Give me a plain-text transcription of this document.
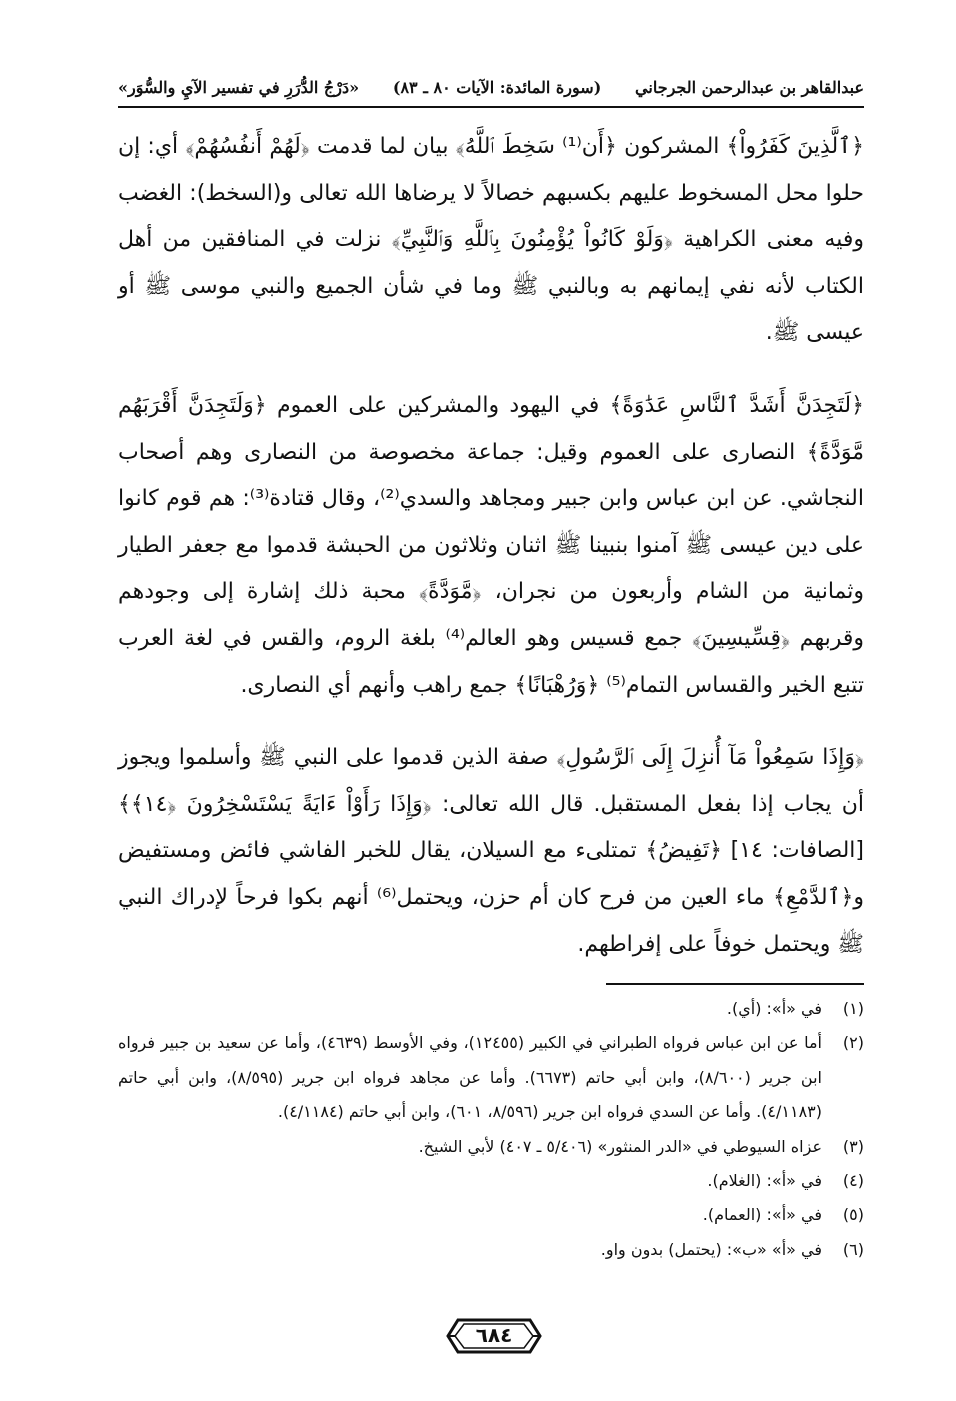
عبدالقاهر بن عبدالرحمن الجرجاني
(سورة المائدة: الآيات ٨٠ ـ ٨٣)
«دَرْجُ الدُّرَرِ في تفسير الآيِ والسُّوَر»

﴿ٱلَّذِينَ كَفَرُواْ﴾ المشركون ﴿أَن⁽¹⁾ سَخِطَ ٱللَّهُ﴾ بيان لما قدمت ﴿لَهُمْ أَنفُسُهُمْ﴾ أي: إن حلوا محل المسخوط عليهم بكسبهم خصالاً لا يرضاها الله تعالى و(السخط): الغضب وفيه معنى الكراهية ﴿وَلَوْ كَانُواْ يُؤْمِنُونَ بِٱللَّهِ وَٱلنَّبِيِّ﴾ نزلت في المنافقين من أهل الكتاب لأنه نفي إيمانهم به وبالنبي ﷺ وما في شأن الجميع والنبي موسى ﷺ أو عيسى ﷺ.

﴿لَتَجِدَنَّ أَشَدَّ ٱلنَّاسِ عَدَٰوَةً﴾ في اليهود والمشركين على العموم ﴿وَلَتَجِدَنَّ أَقْرَبَهُم مَّوَدَّةً﴾ النصارى على العموم وقيل: جماعة مخصوصة من النصارى وهم أصحاب النجاشي. عن ابن عباس وابن جبير ومجاهد والسدي⁽²⁾، وقال قتادة⁽³⁾: هم قوم كانوا على دين عيسى ﷺ آمنوا بنبينا ﷺ اثنان وثلاثون من الحبشة قدموا مع جعفر الطيار وثمانية من الشام وأربعون من نجران، ﴿مَّوَدَّةً﴾ محبة ذلك إشارة إلى وجودهم وقربهم ﴿قِسِّيسِينَ﴾ جمع قسيس وهو العالم⁽⁴⁾ بلغة الروم، والقس في لغة العرب تتبع الخير والقساس التمام⁽⁵⁾ ﴿وَرُهْبَانًا﴾ جمع راهب وأنهم أي النصارى.

﴿وَإِذَا سَمِعُواْ مَآ أُنزِلَ إِلَى ٱلرَّسُولِ﴾ صفة الذين قدموا على النبي ﷺ وأسلموا ويجوز أن يجاب إذا بفعل المستقبل. قال الله تعالى: ﴿وَإِذَا رَأَوْاْ ءَايَةً يَسْتَسْخِرُونَ ﴿١٤﴾﴾ [الصافات: ١٤] ﴿تَفِيضُ﴾ تمتلىء مع السيلان، يقال للخبر الفاشي فائض ومستفيض و﴿ٱلدَّمْعِ﴾ ماء العين من فرح كان أم حزن، ويحتمل⁽⁶⁾ أنهم بكوا فرحاً لإدراك النبي ﷺ ويحتمل خوفاً على إفراطهم.

(١)
في «أ»: (أي).
(٢)
أما عن ابن عباس فرواه الطبراني في الكبير (١٢٤٥٥)، وفي الأوسط (٤٦٣٩)، وأما عن سعيد بن جبير فرواه ابن جرير (٨/٦٠٠)، وابن أبي حاتم (٦٦٧٣). وأما عن مجاهد فرواه ابن جرير (٨/٥٩٥)، وابن أبي حاتم (٤/١١٨٣). وأما عن السدي فرواه ابن جرير (٨/٥٩٦، ٦٠١)، وابن أبي حاتم (٤/١١٨٤).
(٣)
عزاه السيوطي في «الدر المنثور» (٥/٤٠٦ ـ ٤٠٧) لأبي الشيخ.
(٤)
في «أ»: (الغلام).
(٥)
في «أ»: (العمام).
(٦)
في «أ» «ب»: (يحتمل) بدون واو.
٦٨٤
